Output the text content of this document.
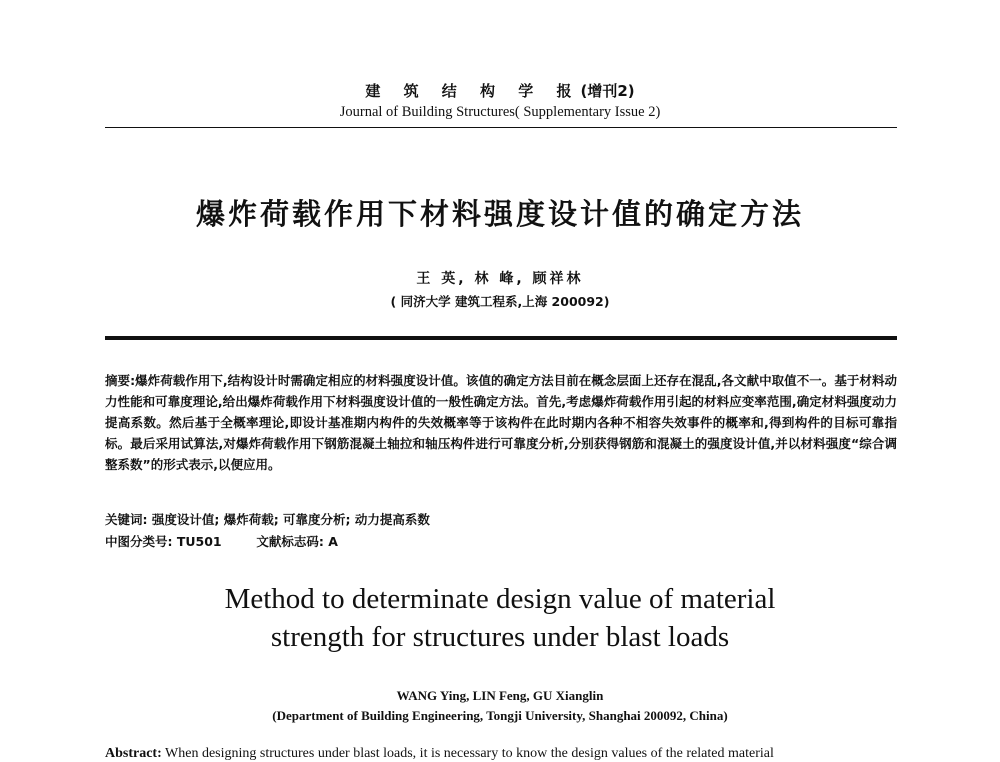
建 筑 结 构 学 报(增刊2)
Journal of Building Structures( Supplementary Issue 2)
爆炸荷载作用下材料强度设计值的确定方法
王 英, 林 峰, 顾祥林
( 同济大学 建筑工程系,上海 200092)
摘要:爆炸荷载作用下,结构设计时需确定相应的材料强度设计值。该值的确定方法目前在概念层面上还存在混乱,各文献中取值不一。基于材料动力性能和可靠度理论,给出爆炸荷载作用下材料强度设计值的一般性确定方法。首先,考虑爆炸荷载作用引起的材料应变率范围,确定材料强度动力提高系数。然后基于全概率理论,即设计基准期内构件的失效概率等于该构件在此时期内各种不相容失效事件的概率和,得到构件的目标可靠指标。最后采用试算法,对爆炸荷载作用下钢筋混凝土轴拉和轴压构件进行可靠度分析,分别获得钢筋和混凝土的强度设计值,并以材料强度“综合调整系数”的形式表示,以便应用。
关键词: 强度设计值; 爆炸荷载; 可靠度分析; 动力提高系数
中图分类号: TU501	文献标志码: A
Method to determinate design value of material
strength for structures under blast loads
WANG Ying, LIN Feng, GU Xianglin
(Department of Building Engineering, Tongji University, Shanghai 200092, China)
Abstract: When designing structures under blast loads, it is necessary to know the design values of the related material
